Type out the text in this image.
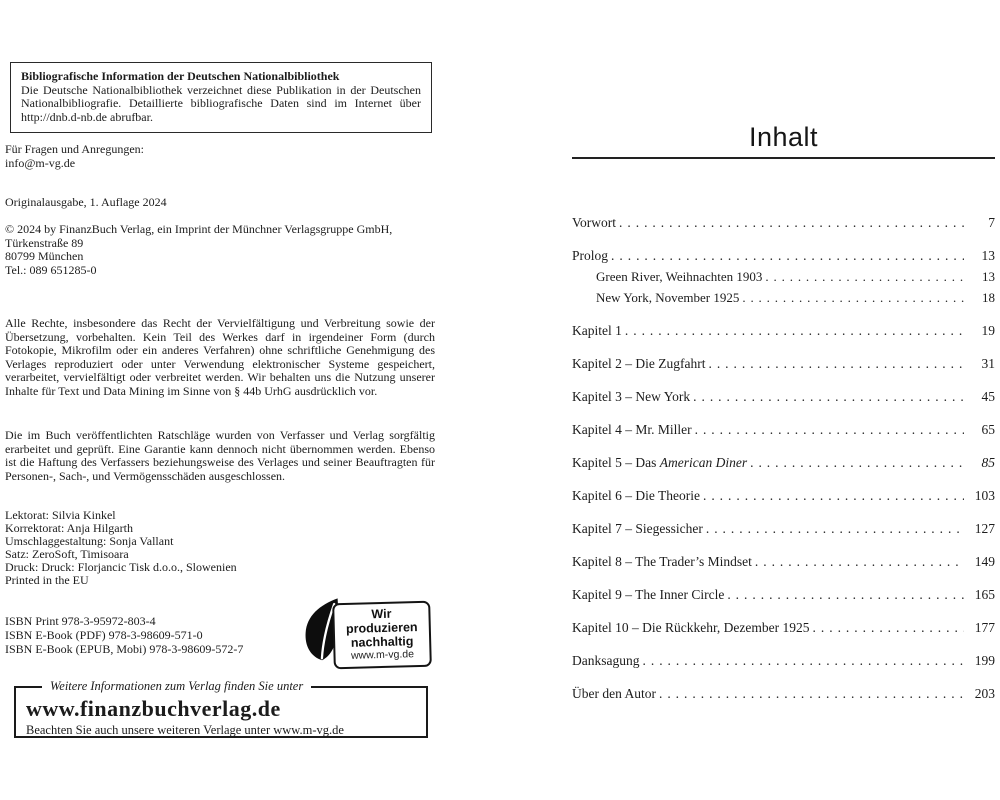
Bibliografische Information der Deutschen Nationalbibliothek
Die Deutsche Nationalbibliothek verzeichnet diese Publikation in der Deutschen Nationalbibliografie. Detaillierte bibliografische Daten sind im Internet über http://dnb.d-nb.de abrufbar.
Für Fragen und Anregungen:
info@m-vg.de
Originalausgabe, 1. Auflage 2024
© 2024 by FinanzBuch Verlag, ein Imprint der Münchner Verlagsgruppe GmbH,
Türkenstraße 89
80799 München
Tel.: 089 651285-0
Alle Rechte, insbesondere das Recht der Vervielfältigung und Verbreitung sowie der Übersetzung, vorbehalten. Kein Teil des Werkes darf in irgendeiner Form (durch Fotokopie, Mikrofilm oder ein anderes Verfahren) ohne schriftliche Genehmigung des Verlages reproduziert oder unter Verwendung elektronischer Systeme gespeichert, verarbeitet, vervielfältigt oder verbreitet werden. Wir behalten uns die Nutzung unserer Inhalte für Text und Data Mining im Sinne von § 44b UrhG ausdrücklich vor.
Die im Buch veröffentlichten Ratschläge wurden von Verfasser und Verlag sorgfältig erarbeitet und geprüft. Eine Garantie kann dennoch nicht übernommen werden. Ebenso ist die Haftung des Verfassers beziehungsweise des Verlages und seiner Beauftragten für Personen-, Sach-, und Vermögensschäden ausgeschlossen.
Lektorat: Silvia Kinkel
Korrektorat: Anja Hilgarth
Umschlaggestaltung: Sonja Vallant
Satz: ZeroSoft, Timisoara
Druck: Druck: Florjancic Tisk d.o.o., Slowenien
Printed in the EU
ISBN Print 978-3-95972-803-4
ISBN E-Book (PDF) 978-3-98609-571-0
ISBN E-Book (EPUB, Mobi) 978-3-98609-572-7
Wir produzieren
nachhaltig
www.m-vg.de
Weitere Informationen zum Verlag finden Sie unter
www.finanzbuchverlag.de
Beachten Sie auch unsere weiteren Verlage unter www.m-vg.de
Inhalt
Vorwort . . .	7
Prolog . . .	13
Green River, Weihnachten 1903 . . .	13
New York, November 1925 . . .	18
Kapitel 1 . . .	19
Kapitel 2 – Die Zugfahrt . . .	31
Kapitel 3 – New York . . .	45
Kapitel 4 – Mr. Miller . . .	65
Kapitel 5 – Das American Diner . . .	85
Kapitel 6 – Die Theorie . . .	103
Kapitel 7 – Siegessicher . . .	127
Kapitel 8 – The Trader’s Mindset . . .	149
Kapitel 9 – The Inner Circle . . .	165
Kapitel 10 – Die Rückkehr, Dezember 1925 . . .	177
Danksagung . . .	199
Über den Autor . . .	203
